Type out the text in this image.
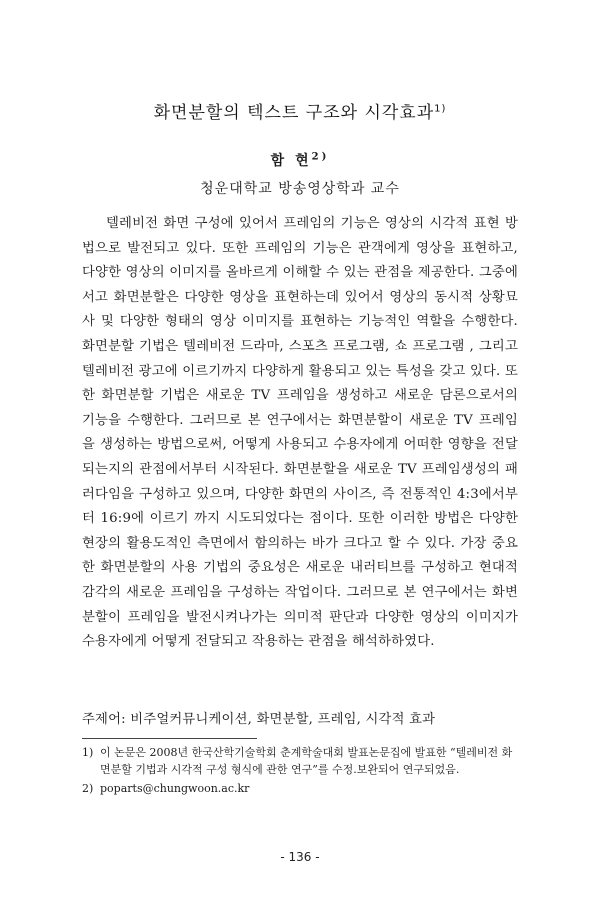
화면분할의 텍스트 구조와 시각효과$^{1)}$
함 현$^{2)}$
청운대학교 방송영상학과 교수

텔레비전 화면 구성에 있어서 프레임의 기능은 영상의 시각적 표현 방법으로 발전되고 있다. 또한 프레임의 기능은 관객에게 영상을 표현하고, 다양한 영상의 이미지를 올바르게 이해할 수 있는 관점을 제공한다. 그중에서고 화면분할은 다양한 영상을 표현하는데 있어서 영상의 동시적 상황묘사 및 다양한 형태의 영상 이미지를 표현하는 기능적인 역할을 수행한다. 화면분할 기법은 텔레비전 드라마, 스포츠 프로그램, 쇼 프로그램 , 그리고 텔레비전 광고에 이르기까지 다양하게 활용되고 있는 특성을 갖고 있다. 또한 화면분할 기법은 새로운 TV 프레임을 생성하고 새로운 담론으로서의 기능을 수행한다. 그러므로 본 연구에서는 화면분할이 새로운 TV 프레임을 생성하는 방법으로써, 어떻게 사용되고 수용자에게 어떠한 영향을 전달되는지의 관점에서부터 시작된다. 화면분할을 새로운 TV 프레임생성의 패러다임을 구성하고 있으며, 다양한 화면의 사이즈, 즉 전통적인 4:3에서부터 16:9에 이르기 까지 시도되었다는 점이다. 또한 이러한 방법은 다양한 현장의 활용도적인 측면에서 함의하는 바가 크다고 할 수 있다. 가장 중요한 화면분할의 사용 기법의 중요성은 새로운 내러티브를 구성하고 현대적 감각의 새로운 프레임을 구성하는 작업이다. 그러므로 본 연구에서는 화변분할이 프레임을 발전시켜나가는 의미적 판단과 다양한 영상의 이미지가 수용자에게 어떻게 전달되고 작용하는 관점을 해석하하였다.

주제어: 비주얼커뮤니케이션, 화면분할, 프레임, 시각적 효과

1) 이 논문은 2008년 한국산학기술학회 춘계학술대회 발표논문집에 발표한 “텔레비전 화면분할 기법과 시각적 구성 형식에 관한 연구”를 수정.보완되어 연구되었음.

2) poparts@chungwoon.ac.kr

- 136 -
